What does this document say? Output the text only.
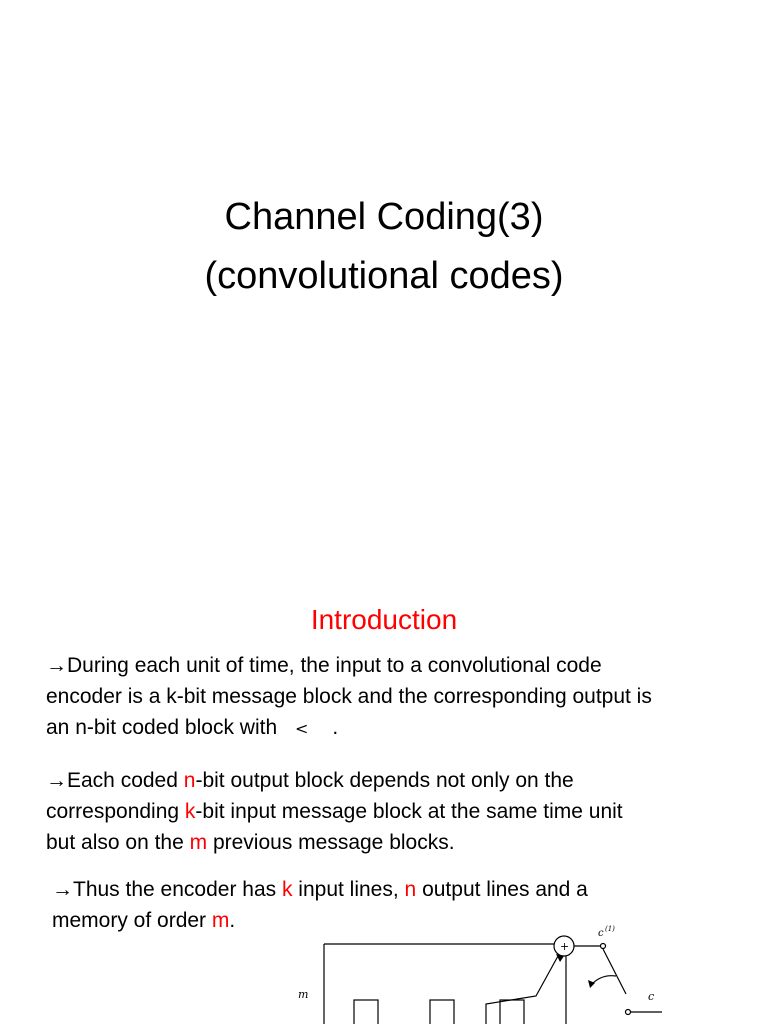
Channel Coding(3)
(convolutional codes)
Introduction
→During each unit of time, the input to a convolutional code
encoder is a k-bit message block and the corresponding output is
an n-bit coded block with < .
→Each coded n-bit output block depends not only on the
corresponding k-bit input message block at the same time unit
but also on the m previous message blocks.
→Thus the encoder has k input lines, n output lines and a
memory of order m.
m
+
c (1)
c
